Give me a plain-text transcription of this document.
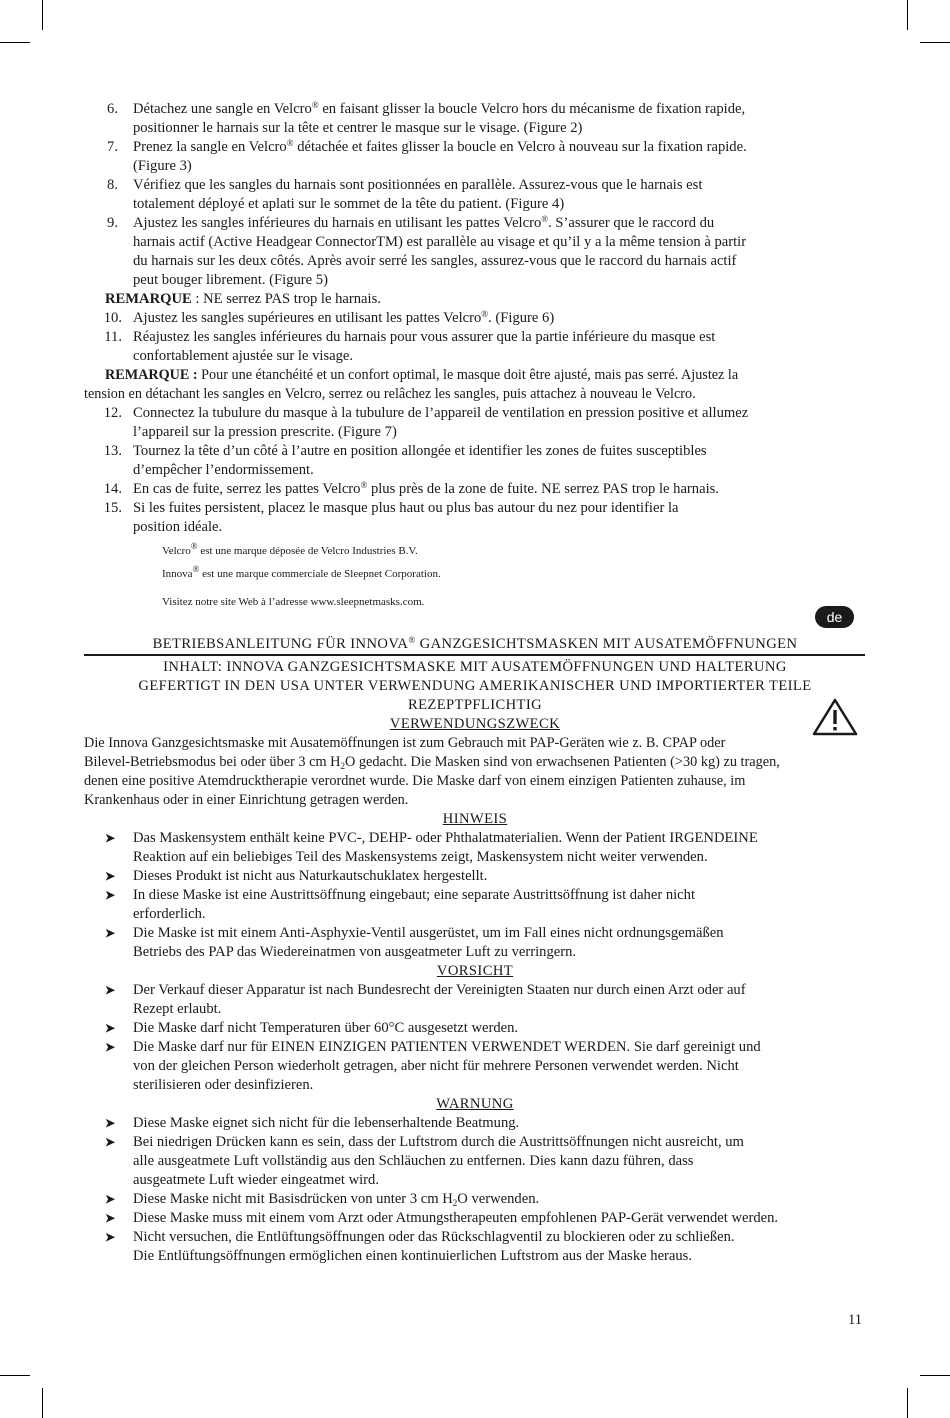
6. Détachez une sangle en Velcro® en faisant glisser la boucle Velcro hors du mécanisme de fixation rapide,
positionner le harnais sur la tête et centrer le masque sur le visage. (Figure 2)
7. Prenez la sangle en Velcro® détachée et faites glisser la boucle en Velcro à nouveau sur la fixation rapide.
(Figure 3)
8. Vérifiez que les sangles du harnais sont positionnées en parallèle. Assurez-vous que le harnais est
totalement déployé et aplati sur le sommet de la tête du patient. (Figure 4)
9. Ajustez les sangles inférieures du harnais en utilisant les pattes Velcro®. S’assurer que le raccord du
harnais actif (Active Headgear ConnectorTM) est parallèle au visage et qu’il y a la même tension à partir
du harnais sur les deux côtés. Après avoir serré les sangles, assurez-vous que le raccord du harnais actif
peut bouger librement. (Figure 5)
REMARQUE : NE serrez PAS trop le harnais.
10. Ajustez les sangles supérieures en utilisant les pattes Velcro®. (Figure 6)
11. Réajustez les sangles inférieures du harnais pour vous assurer que la partie inférieure du masque est
confortablement ajustée sur le visage.
REMARQUE : Pour une étanchéité et un confort optimal, le masque doit être ajusté, mais pas serré. Ajustez la
tension en détachant les sangles en Velcro, serrez ou relâchez les sangles, puis attachez à nouveau le Velcro.
12. Connectez la tubulure du masque à la tubulure de l’appareil de ventilation en pression positive et allumez
l’appareil sur la pression prescrite. (Figure 7)
13. Tournez la tête d’un côté à l’autre en position allongée et identifier les zones de fuites susceptibles
d’empêcher l’endormissement.
14. En cas de fuite, serrez les pattes Velcro® plus près de la zone de fuite. NE serrez PAS trop le harnais.
15. Si les fuites persistent, placez le masque plus haut ou plus bas autour du nez pour identifier la
position idéale.
Velcro® est une marque déposée de Velcro Industries B.V.
Innova® est une marque commerciale de Sleepnet Corporation.
Visitez notre site Web à l’adresse www.sleepnetmasks.com.
de
BETRIEBSANLEITUNG FÜR INNOVA® GANZGESICHTSMASKEN MIT AUSATEMÖFFNUNGEN
INHALT: INNOVA GANZGESICHTSMASKE MIT AUSATEMÖFFNUNGEN UND HALTERUNG
GEFERTIGT IN DEN USA UNTER VERWENDUNG AMERIKANISCHER UND IMPORTIERTER TEILE
REZEPTPFLICHTIG
VERWENDUNGSZWECK
Die Innova Ganzgesichtsmaske mit Ausatemöffnungen ist zum Gebrauch mit PAP-Geräten wie z. B. CPAP oder
Bilevel-Betriebsmodus bei oder über 3 cm $H_2O$ gedacht. Die Masken sind von erwachsenen Patienten (>30 kg) zu tragen,
denen eine positive Atemdrucktherapie verordnet wurde. Die Maske darf von einem einzigen Patienten zuhause, im
Krankenhaus oder in einer Einrichtung getragen werden.
HINWEIS
➤ Das Maskensystem enthält keine PVC-, DEHP- oder Phthalatmaterialien. Wenn der Patient IRGENDEINE
Reaktion auf ein beliebiges Teil des Maskensystems zeigt, Maskensystem nicht weiter verwenden.
➤ Dieses Produkt ist nicht aus Naturkautschuklatex hergestellt.
➤ In diese Maske ist eine Austrittsöffnung eingebaut; eine separate Austrittsöffnung ist daher nicht
erforderlich.
➤ Die Maske ist mit einem Anti-Asphyxie-Ventil ausgerüstet, um im Fall eines nicht ordnungsgemäßen
Betriebs des PAP das Wiedereinatmen von ausgeatmeter Luft zu verringern.
VORSICHT
➤ Der Verkauf dieser Apparatur ist nach Bundesrecht der Vereinigten Staaten nur durch einen Arzt oder auf
Rezept erlaubt.
➤ Die Maske darf nicht Temperaturen über 60°C ausgesetzt werden.
➤ Die Maske darf nur für EINEN EINZIGEN PATIENTEN VERWENDET WERDEN. Sie darf gereinigt und
von der gleichen Person wiederholt getragen, aber nicht für mehrere Personen verwendet werden. Nicht
sterilisieren oder desinfizieren.
WARNUNG
➤ Diese Maske eignet sich nicht für die lebenserhaltende Beatmung.
➤ Bei niedrigen Drücken kann es sein, dass der Luftstrom durch die Austrittsöffnungen nicht ausreicht, um
alle ausgeatmete Luft vollständig aus den Schläuchen zu entfernen. Dies kann dazu führen, dass
ausgeatmete Luft wieder eingeatmet wird.
➤ Diese Maske nicht mit Basisdrücken von unter 3 cm $H_2O$ verwenden.
➤ Diese Maske muss mit einem vom Arzt oder Atmungstherapeuten empfohlenen PAP-Gerät verwendet werden.
➤ Nicht versuchen, die Entlüftungsöffnungen oder das Rückschlagventil zu blockieren oder zu schließen.
Die Entlüftungsöffnungen ermöglichen einen kontinuierlichen Luftstrom aus der Maske heraus.
11
